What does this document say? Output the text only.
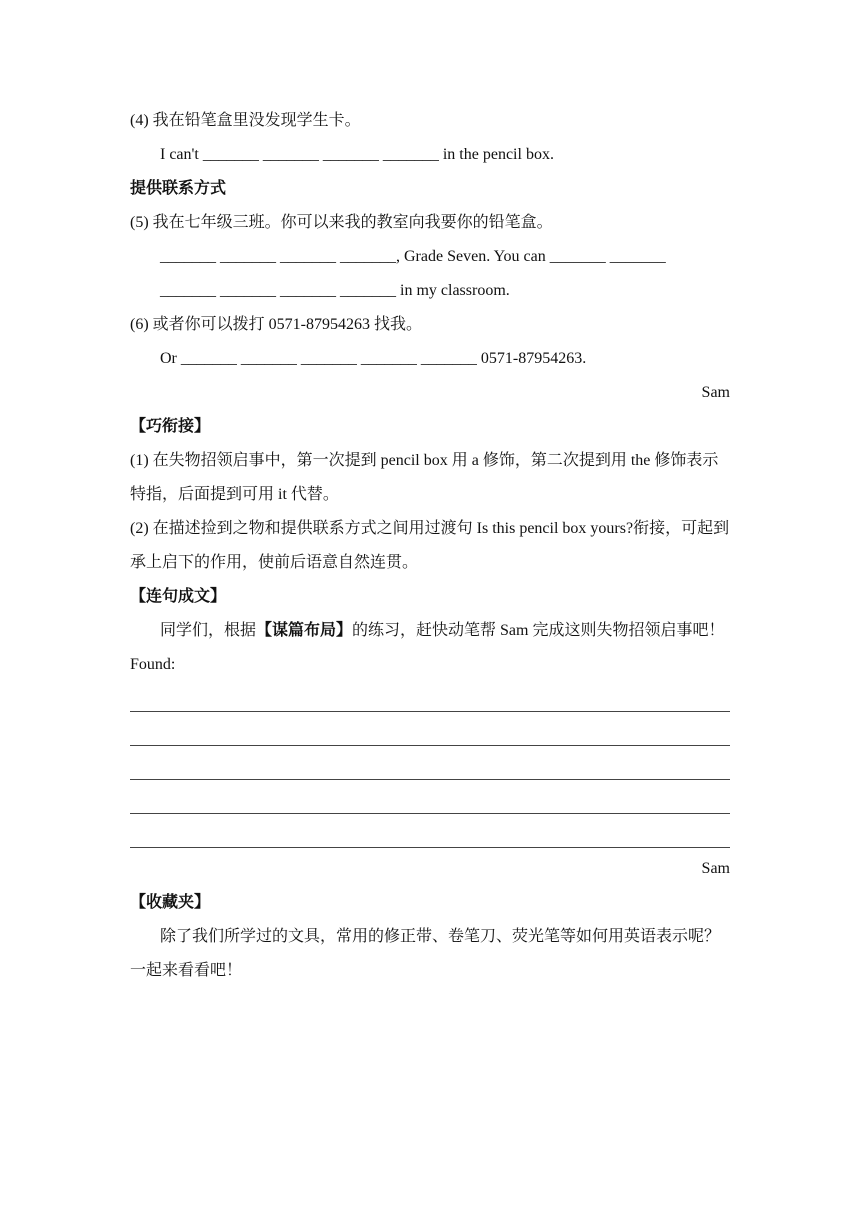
(4) 我在铅笔盒里没发现学生卡。
I can't _______ _______ _______ _______ in the pencil box.
提供联系方式
(5) 我在七年级三班。你可以来我的教室向我要你的铅笔盒。
_______ _______ _______ _______, Grade Seven. You can _______ _______
_______ _______ _______ _______ in my classroom.
(6) 或者你可以拨打 0571-87954263 找我。
Or _______ _______ _______ _______ _______ 0571-87954263.
Sam
【巧衔接】
(1) 在失物招领启事中，第一次提到 pencil box 用 a 修饰，第二次提到用 the 修饰表示特指，后面提到可用 it 代替。
(2) 在描述捡到之物和提供联系方式之间用过渡句 Is this pencil box yours?衔接，可起到承上启下的作用，使前后语意自然连贯。
【连句成文】
同学们，根据【谋篇布局】的练习，赶快动笔帮 Sam 完成这则失物招领启事吧！
Found:
Sam
【收藏夹】
除了我们所学过的文具，常用的修正带、卷笔刀、荧光笔等如何用英语表示呢？一起来看看吧！
